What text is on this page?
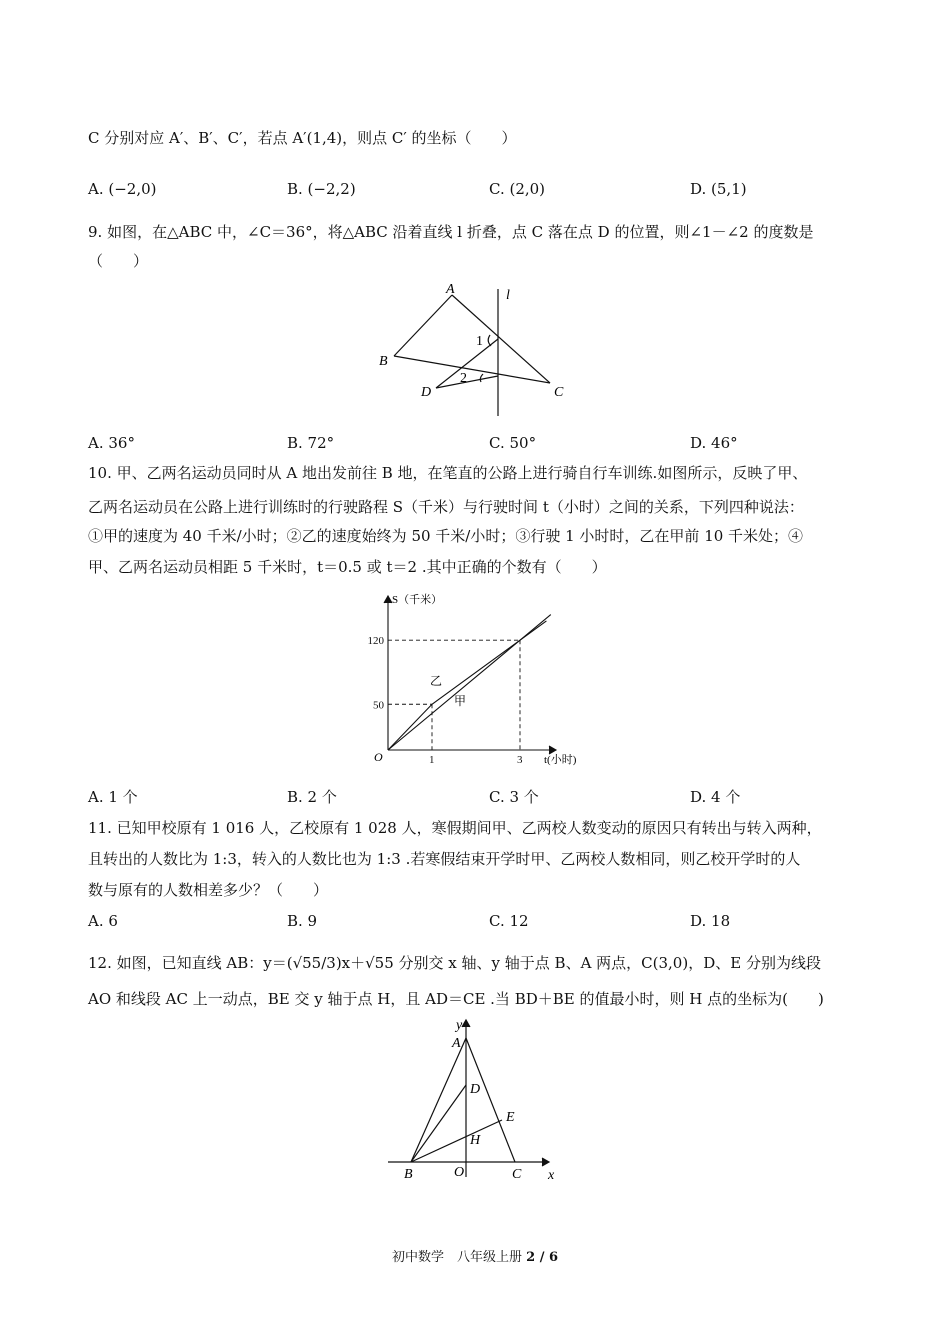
C 分别对应 A′、B′、C′，若点 A′(1,4)，则点 C′ 的坐标（　　）
A. (−2,0)	B. (−2,2)	C. (2,0)	D. (5,1)
9. 如图，在△ABC 中，∠C＝36°，将△ABC 沿着直线 l 折叠，点 C 落在点 D 的位置，则∠1－∠2 的度数是
（　　）
A	l
B
1
2
D	C
A. 36°	B. 72°	C. 50°	D. 46°
10. 甲、乙两名运动员同时从 A 地出发前往 B 地，在笔直的公路上进行骑自行车训练.如图所示，反映了甲、
乙两名运动员在公路上进行训练时的行驶路程 S（千米）与行驶时间 t（小时）之间的关系，下列四种说法：
①甲的速度为 40 千米/小时；②乙的速度始终为 50 千米/小时；③行驶 1 小时时，乙在甲前 10 千米处；④
甲、乙两名运动员相距 5 千米时，t＝0.5 或 t＝2 .其中正确的个数有（　　）
1	3
50
120
S（千米）
t(小时)
O
乙
甲
A. 1 个	B. 2 个	C. 3 个	D. 4 个
11. 已知甲校原有 1 016 人，乙校原有 1 028 人，寒假期间甲、乙两校人数变动的原因只有转出与转入两种，
且转出的人数比为 1:3，转入的人数比也为 1:3 .若寒假结束开学时甲、乙两校人数相同，则乙校开学时的人
数与原有的人数相差多少？（　　）
A. 6	B. 9	C. 12	D. 18
12. 如图，已知直线 AB：y＝(√55/3)x＋√55 分别交 x 轴、y 轴于点 B、A 两点，C(3,0)，D、E 分别为线段
AO 和线段 AC 上一动点，BE 交 y 轴于点 H，且 AD＝CE .当 BD＋BE 的值最小时，则 H 点的坐标为(　　)
y
A
D
E
H
B	O	C x
初中数学　八年级上册 2 / 6
